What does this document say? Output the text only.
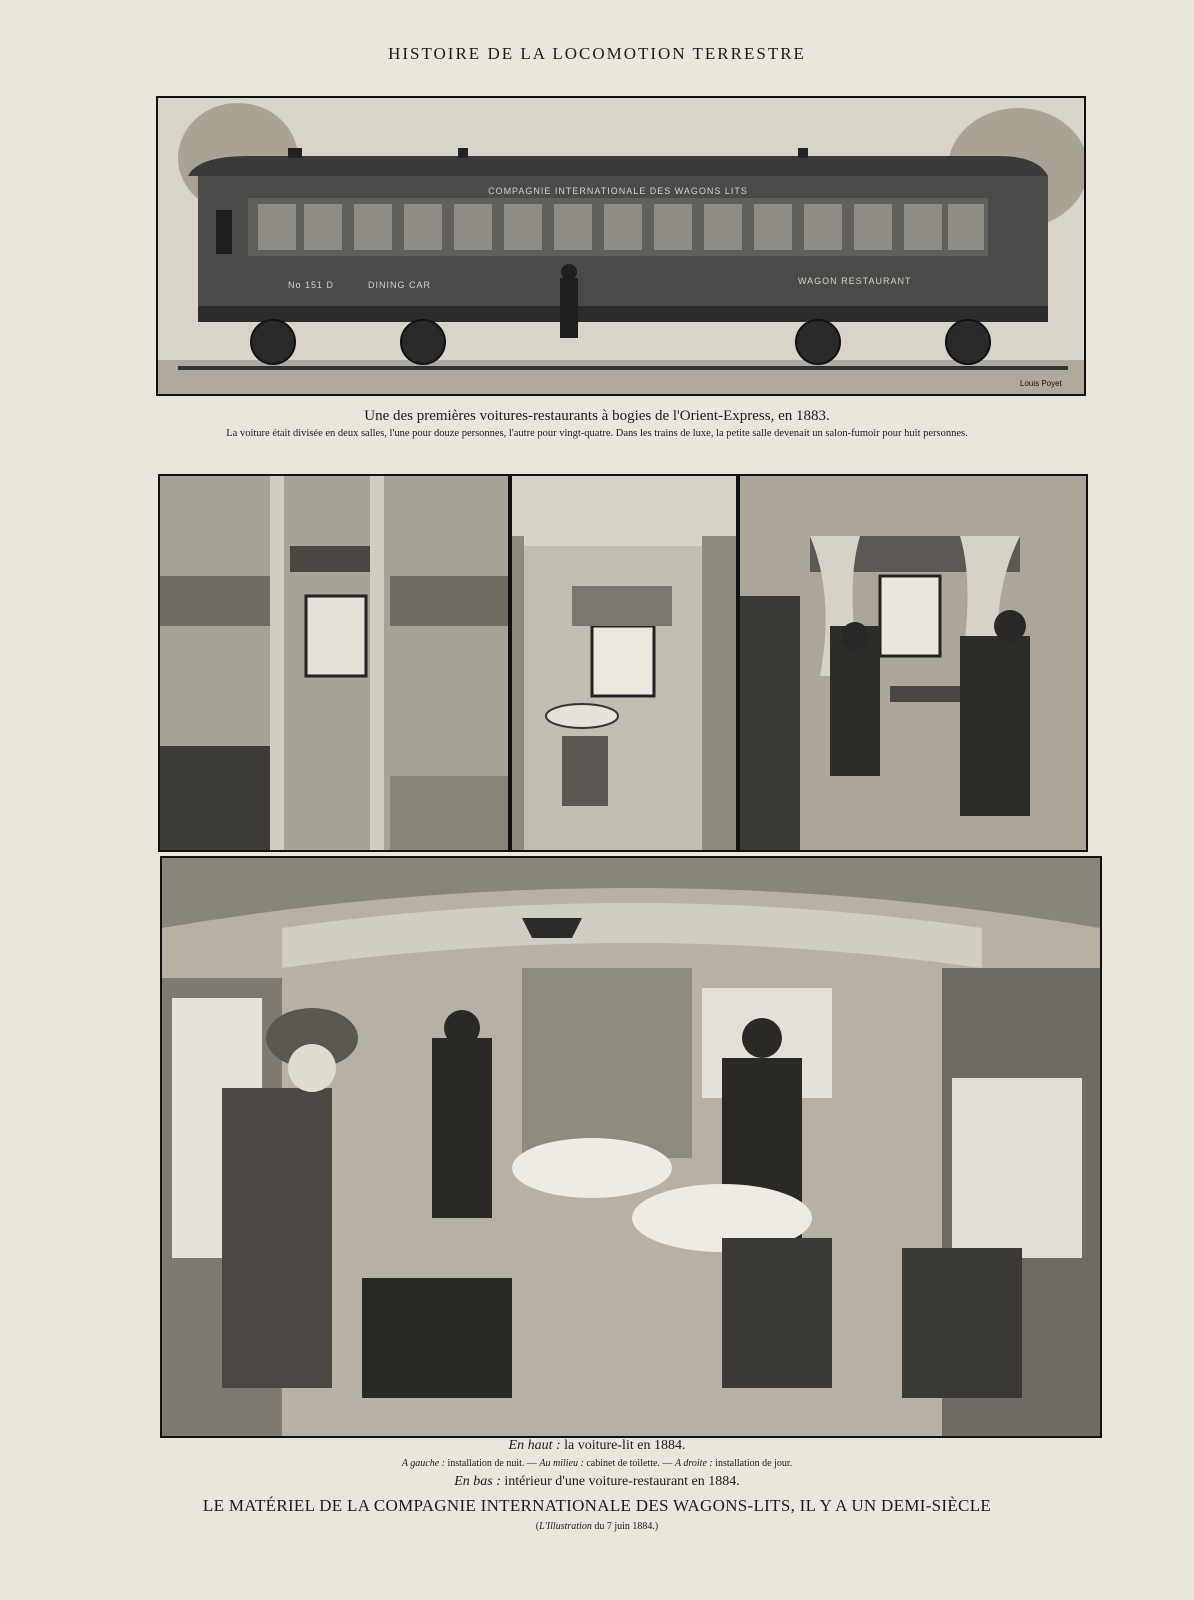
HISTOIRE DE LA LOCOMOTION TERRESTRE
COMPAGNIE INTERNATIONALE DES WAGONS LITS
No 151 D	DINING CAR	WAGON RESTAURANT
Louis Poyet
Une des premières voitures-restaurants à bogies de l'Orient-Express, en 1883.
La voiture était divisée en deux salles, l'une pour douze personnes, l'autre pour vingt-quatre. Dans les trains de luxe, la petite salle devenait un salon-fumoir pour huit personnes.
En haut : la voiture-lit en 1884.
A gauche : installation de nuit. — Au milieu : cabinet de toilette. — A droite : installation de jour.
En bas : intérieur d'une voiture-restaurant en 1884.
LE MATÉRIEL DE LA COMPAGNIE INTERNATIONALE DES WAGONS-LITS, IL Y A UN DEMI-SIÈCLE
(L'Illustration du 7 juin 1884.)
